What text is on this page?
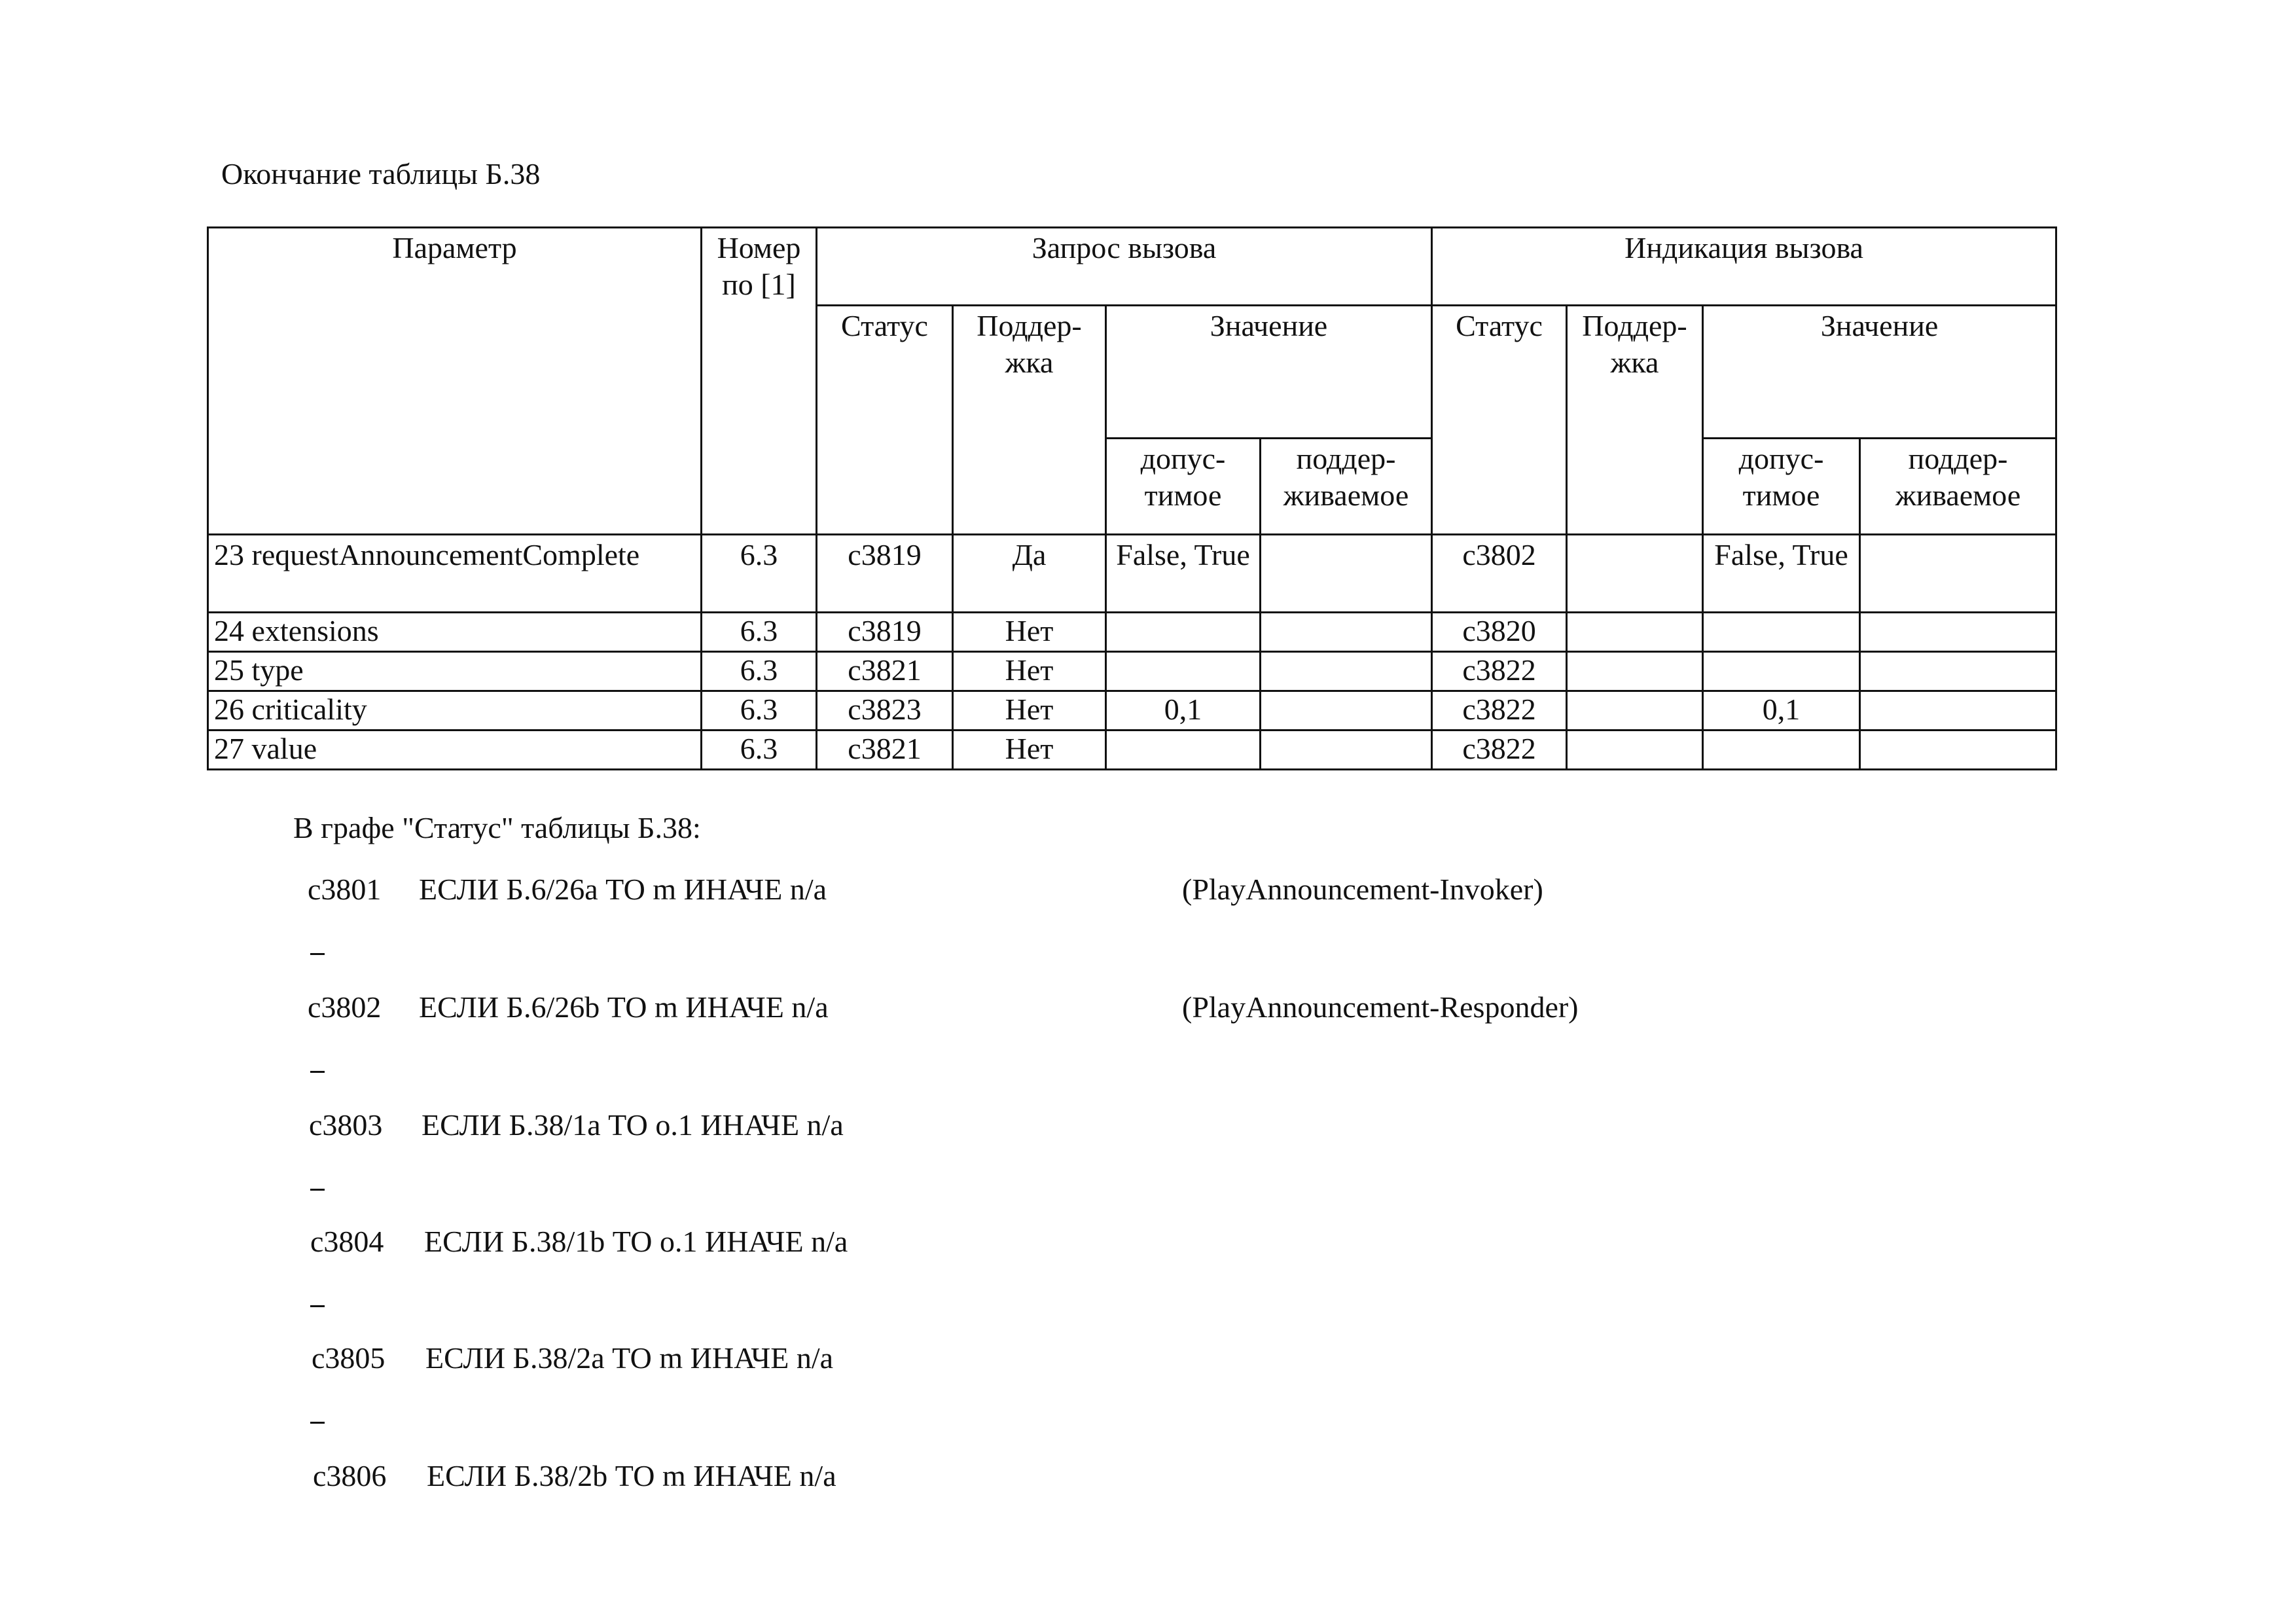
Окончание таблицы Б.38
Параметр	Номер по [1]	Запрос вызова				Индикация вызова			
		Статус	Поддер-жка	Значение		Статус	Поддер-жка	Значение	
				допус-тимое	поддер-живаемое			допус-тимое	поддер-живаемое
23 requestAnnouncementComplete	6.3	c3819	Да	False, True		c3802		False, True	
24 extensions	6.3	c3819	Нет			c3820			
25 type	6.3	c3821	Нет			c3822			
26 criticality	6.3	c3823	Нет	0,1		c3822		0,1	
27 value	6.3	c3821	Нет			c3822			
В графе "Статус" таблицы Б.38:
c3801 ЕСЛИ Б.6/26a ТО m ИНАЧЕ n/a	(PlayAnnouncement-Invoker)
c3802 ЕСЛИ Б.6/26b ТО m ИНАЧЕ n/a	(PlayAnnouncement-Responder)
c3803 ЕСЛИ Б.38/1a ТО o.1 ИНАЧЕ n/a
c3804 ЕСЛИ Б.38/1b ТО o.1 ИНАЧЕ n/a
c3805 ЕСЛИ Б.38/2a ТО m ИНАЧЕ n/a
c3806 ЕСЛИ Б.38/2b ТО m ИНАЧЕ n/a
